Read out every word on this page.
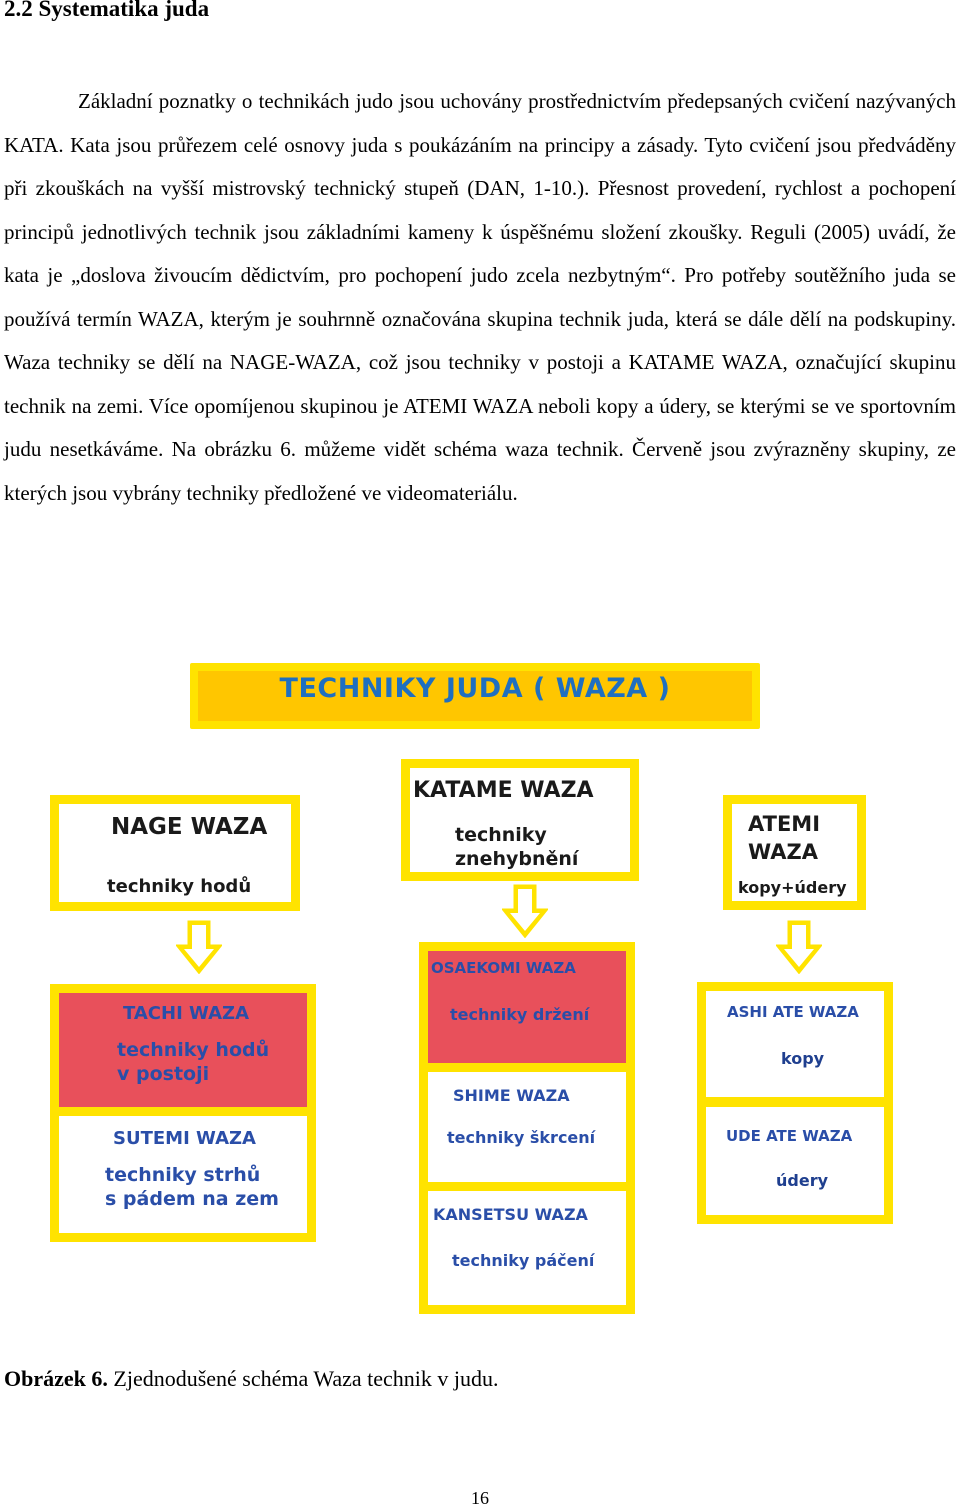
2.2 Systematika juda

Základní poznatky o technikách judo jsou uchovány prostřednictvím předepsaných cvičení nazývaných KATA. Kata jsou průřezem celé osnovy juda s poukázáním na principy a zásady. Tyto cvičení jsou předváděny při zkouškách na vyšší mistrovský technický stupeň (DAN, 1-10.). Přesnost provedení, rychlost a pochopení principů jednotlivých technik jsou základními kameny k úspěšnému složení zkoušky. Reguli (2005) uvádí, že kata je „doslova živoucím dědictvím, pro pochopení judo zcela nezbytným“. Pro potřeby soutěžního juda se používá termín WAZA, kterým je souhrnně označována skupina technik juda, která se dále dělí na podskupiny. Waza techniky se dělí na NAGE-WAZA, což jsou techniky v postoji a KATAME WAZA, označující skupinu technik na zemi. Více opomíjenou skupinou je ATEMI WAZA neboli kopy a údery, se kterými se ve sportovním judu nesetkáváme. Na obrázku 6. můžeme vidět schéma waza technik. Červeně jsou zvýrazněny skupiny, ze kterých jsou vybrány techniky předložené ve videomateriálu.

TECHNIKY JUDA ( WAZA )
NAGE WAZA
techniky hodů
KATAME WAZA
techniky
znehybnění
ATEMI
WAZA
kopy+údery
TACHI WAZA
techniky hodů
v postoji
SUTEMI WAZA
techniky strhů
s pádem na zem
OSAEKOMI WAZA
techniky držení
SHIME WAZA
techniky škrcení
KANSETSU WAZA
techniky páčení
ASHI ATE WAZA
kopy
UDE ATE WAZA
údery
Obrázek 6. Zjednodušené schéma Waza technik v judu.
16
